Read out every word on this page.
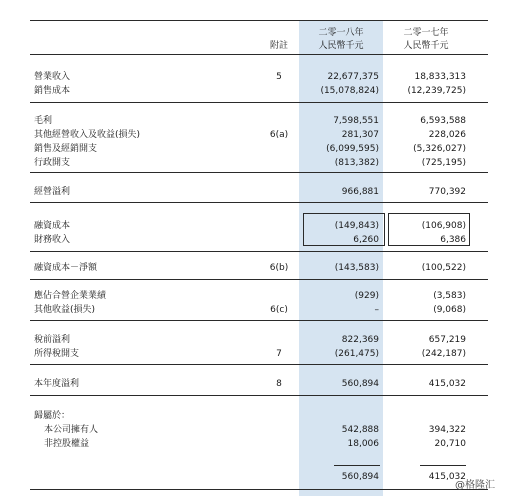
附註
二零一八年
人民幣千元
二零一七年
人民幣千元
營業收入	5	22,677,375	18,833,313
銷售成本	(15,078,824)	(12,239,725)
毛利	7,598,551	6,593,588
其他經營收入及收益(損失)	6(a)	281,307	228,026
銷售及經銷開支	(6,099,595)	(5,326,027)
行政開支	(813,382)	(725,195)
經營溢利	966,881	770,392
融資成本	(149,843)	(106,908)
財務收入	6,260	6,386
融資成本－淨額	6(b)	(143,583)	(100,522)
應佔合營企業業績	(929)	(3,583)
其他收益(損失)	6(c)	–	(9,068)
稅前溢利	822,369	657,219
所得稅開支	7	(261,475)	(242,187)
本年度溢利	8	560,894	415,032
歸屬於：
本公司擁有人	542,888	394,322
非控股權益	18,006	20,710
560,894	415,032
@格隆汇
